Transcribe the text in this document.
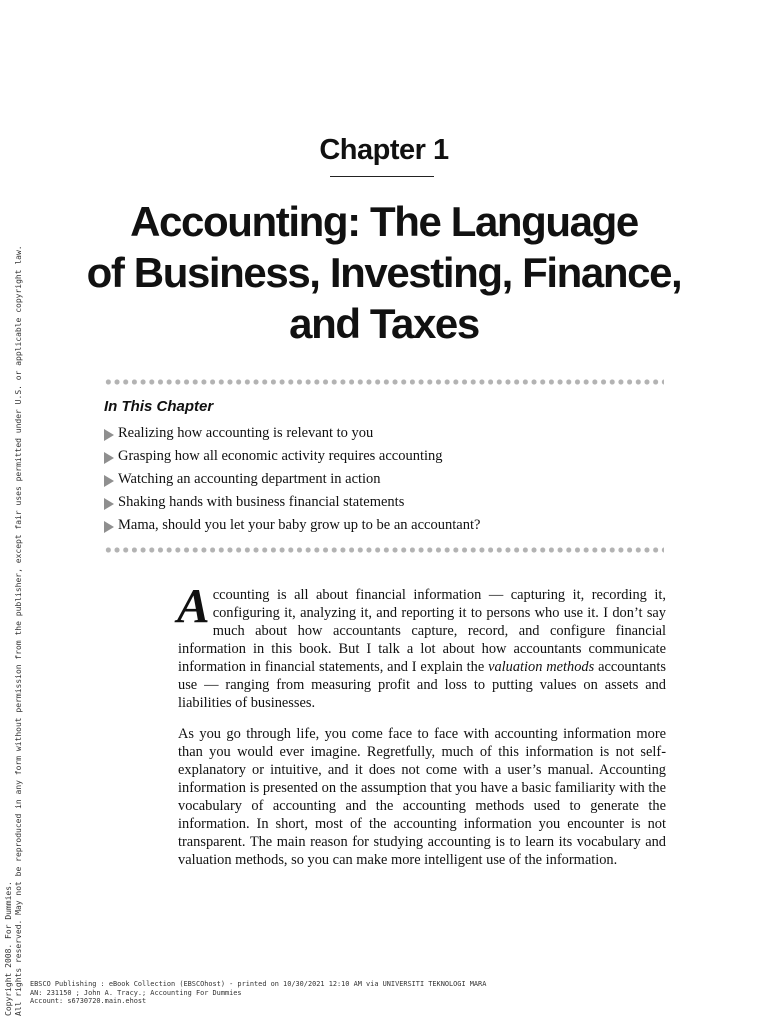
Chapter 1
Accounting: The Language
of Business, Investing, Finance,
and Taxes
In This Chapter
Realizing how accounting is relevant to you
Grasping how all economic activity requires accounting
Watching an accounting department in action
Shaking hands with business financial statements
Mama, should you let your baby grow up to be an accountant?

Accounting is all about financial information — capturing it, recording it, configuring it, analyzing it, and reporting it to persons who use it. I don’t say much about how accountants capture, record, and configure financial information in this book. But I talk a lot about how accountants communicate information in financial statements, and I explain the valuation methods accountants use — ranging from measuring profit and loss to putting values on assets and liabilities of businesses.

As you go through life, you come face to face with accounting information more than you would ever imagine. Regretfully, much of this information is not self-explanatory or intuitive, and it does not come with a user’s manual. Accounting information is presented on the assumption that you have a basic familiarity with the vocabulary of accounting and the accounting methods used to generate the information. In short, most of the accounting information you encounter is not transparent. The main reason for studying accounting is to learn its vocabulary and valuation methods, so you can make more intelligent use of the information.

Copyright 2008. For Dummies. All rights reserved. May not be reproduced in any form without permission from the publisher, except fair uses permitted under U.S. or applicable copyright law. EBSCO Publishing : eBook Collection (EBSCOhost) - printed on 10/30/2021 12:10 AM via UNIVERSITI TEKNOLOGI MARA
AN: 231150 ; John A. Tracy.; Accounting For Dummies
Account: s6730720.main.ehost
